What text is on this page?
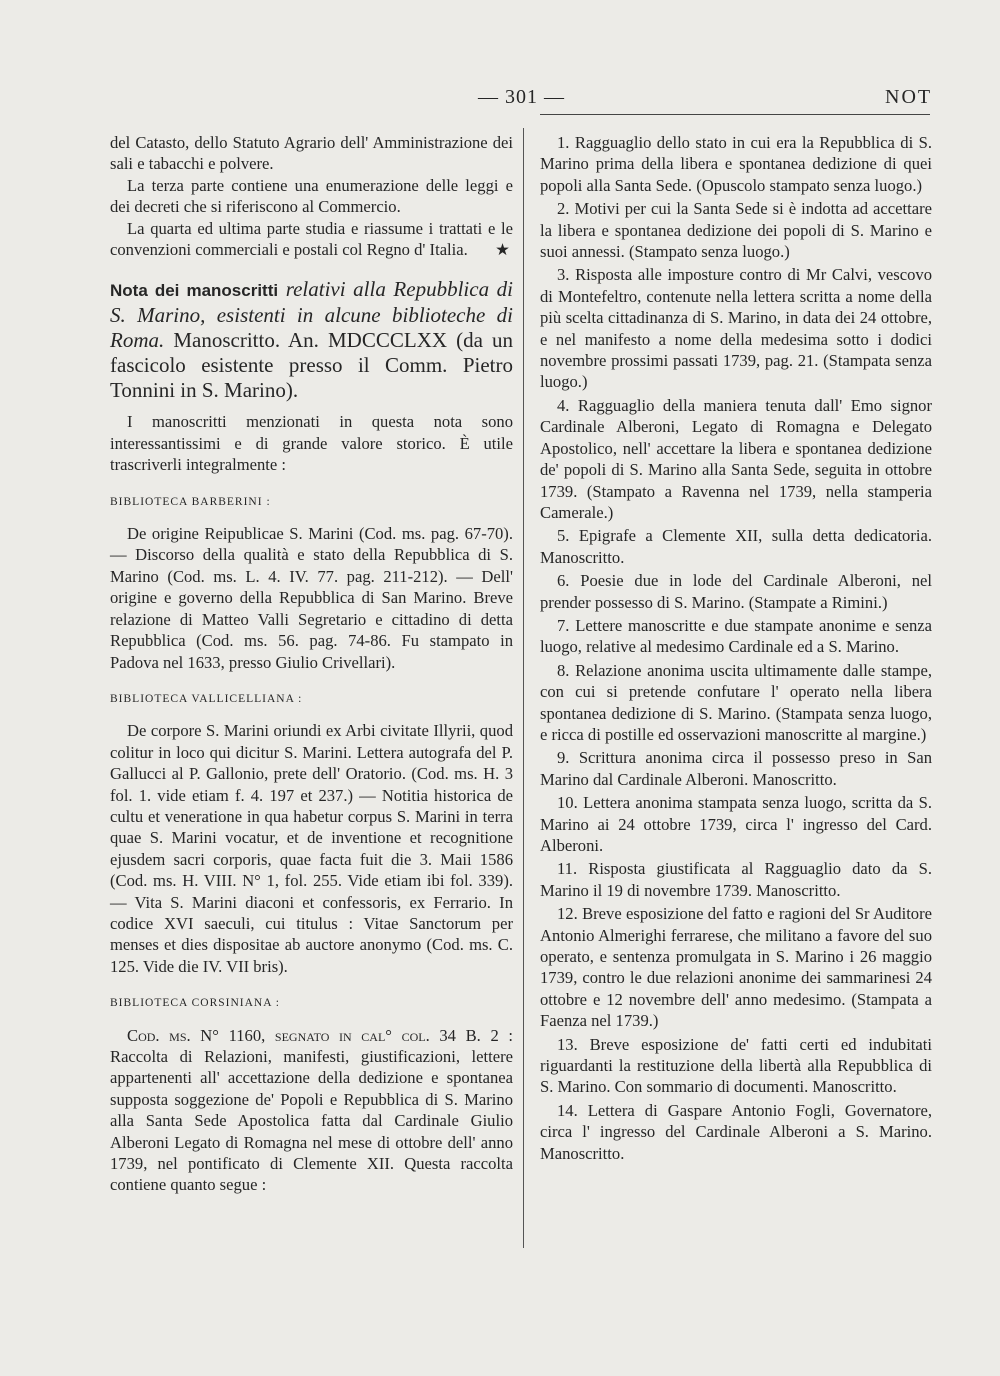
— 301 —	NOT

del Catasto, dello Statuto Agrario dell' Amministrazione dei sali e tabacchi e polvere.

La terza parte contiene una enumerazione delle leggi e dei decreti che si riferiscono al Commercio.

La quarta ed ultima parte studia e riassume i trattati e le convenzioni commerciali e postali col Regno d' Italia.	★

Nota dei manoscritti relativi alla Repubblica di S. Marino, esistenti in alcune biblioteche di Roma. Manoscritto. An. MDCCCLXX (da un fascicolo esistente presso il Comm. Pietro Tonnini in S. Marino).

I manoscritti menzionati in questa nota sono interessantissimi e di grande valore storico. È utile trascriverli integralmente :

BIBLIOTECA BARBERINI :

De origine Reipublicae S. Marini (Cod. ms. pag. 67-70). — Discorso della qualità e stato della Repubblica di S. Marino (Cod. ms. L. 4. IV. 77. pag. 211-212). — Dell' origine e governo della Repubblica di San Marino. Breve relazione di Matteo Valli Segretario e cittadino di detta Repubblica (Cod. ms. 56. pag. 74-86. Fu stampato in Padova nel 1633, presso Giulio Crivellari).

BIBLIOTECA VALLICELLIANA :

De corpore S. Marini oriundi ex Arbi civitate Illyrii, quod colitur in loco qui dicitur S. Marini. Lettera autografa del P. Gallucci al P. Gallonio, prete dell' Oratorio. (Cod. ms. H. 3 fol. 1. vide etiam f. 4. 197 et 237.) — Notitia historica de cultu et veneratione in qua habetur corpus S. Marini in terra quae S. Marini vocatur, et de inventione et recognitione ejusdem sacri corporis, quae facta fuit die 3. Maii 1586 (Cod. ms. H. VIII. N° 1, fol. 255. Vide etiam ibi fol. 339). — Vita S. Marini diaconi et confessoris, ex Ferrario. In codice XVI saeculi, cui titulus : Vitae Sanctorum per menses et dies dispositae ab auctore anonymo (Cod. ms. C. 125. Vide die IV. VII bris).

BIBLIOTECA CORSINIANA :

Cod. ms. N° 1160, segnato in cal° col. 34 B. 2 : Raccolta di Relazioni, manifesti, giustificazioni, lettere appartenenti all' accettazione della dedizione e spontanea supposta soggezione de' Popoli e Repubblica di S. Marino alla Santa Sede Apostolica fatta dal Cardinale Giulio Alberoni Legato di Romagna nel mese di ottobre dell' anno 1739, nel pontificato di Clemente XII. Questa raccolta contiene quanto segue :

1. Ragguaglio dello stato in cui era la Repubblica di S. Marino prima della libera e spontanea dedizione di quei popoli alla Santa Sede. (Opuscolo stampato senza luogo.)
2. Motivi per cui la Santa Sede si è indotta ad accettare la libera e spontanea dedizione dei popoli di S. Marino e suoi annessi. (Stampato senza luogo.)
3. Risposta alle imposture contro di Mr Calvi, vescovo di Montefeltro, contenute nella lettera scritta a nome della più scelta cittadinanza di S. Marino, in data dei 24 ottobre, e nel manifesto a nome della medesima sotto i dodici novembre prossimi passati 1739, pag. 21. (Stampata senza luogo.)
4. Ragguaglio della maniera tenuta dall' Emo signor Cardinale Alberoni, Legato di Romagna e Delegato Apostolico, nell' accettare la libera e spontanea dedizione de' popoli di S. Marino alla Santa Sede, seguita in ottobre 1739. (Stampato a Ravenna nel 1739, nella stamperia Camerale.)
5. Epigrafe a Clemente XII, sulla detta dedicatoria. Manoscritto.
6. Poesie due in lode del Cardinale Alberoni, nel prender possesso di S. Marino. (Stampate a Rimini.)
7. Lettere manoscritte e due stampate anonime e senza luogo, relative al medesimo Cardinale ed a S. Marino.
8. Relazione anonima uscita ultimamente dalle stampe, con cui si pretende confutare l' operato nella libera spontanea dedizione di S. Marino. (Stampata senza luogo, e ricca di postille ed osservazioni manoscritte al margine.)
9. Scrittura anonima circa il possesso preso in San Marino dal Cardinale Alberoni. Manoscritto.
10. Lettera anonima stampata senza luogo, scritta da S. Marino ai 24 ottobre 1739, circa l' ingresso del Card. Alberoni.
11. Risposta giustificata al Ragguaglio dato da S. Marino il 19 di novembre 1739. Manoscritto.
12. Breve esposizione del fatto e ragioni del Sr Auditore Antonio Almerighi ferrarese, che militano a favore del suo operato, e sentenza promulgata in S. Marino i 26 maggio 1739, contro le due relazioni anonime dei sammarinesi 24 ottobre e 12 novembre dell' anno medesimo. (Stampata a Faenza nel 1739.)
13. Breve esposizione de' fatti certi ed indubitati riguardanti la restituzione della libertà alla Repubblica di S. Marino. Con sommario di documenti. Manoscritto.
14. Lettera di Gaspare Antonio Fogli, Governatore, circa l' ingresso del Cardinale Alberoni a S. Marino. Manoscritto.
